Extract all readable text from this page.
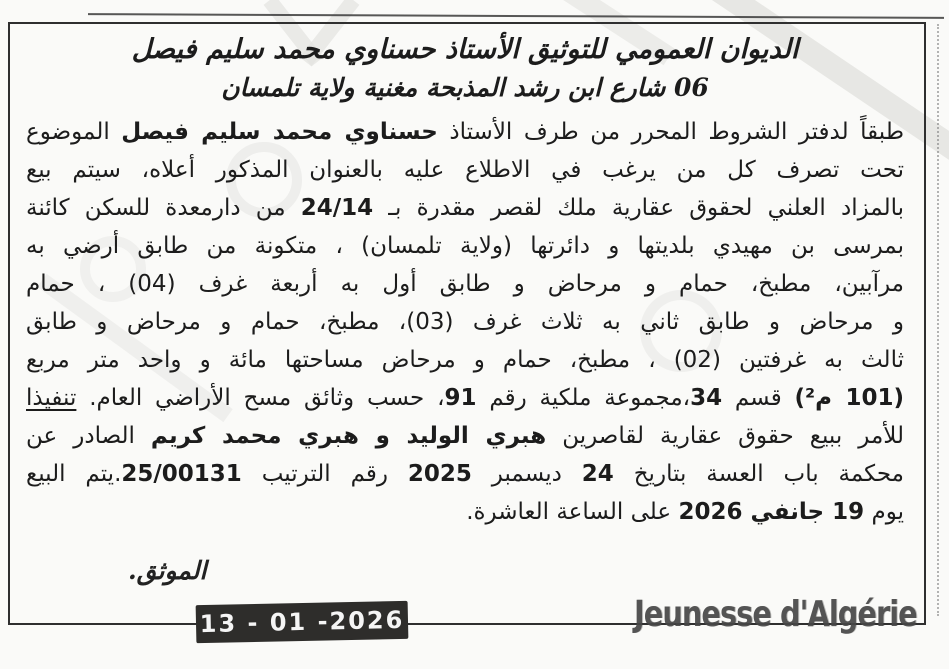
الديوان العمومي للتوثيق الأستاذ حسناوي محمد سليم فيصل
06 شارع ابن رشد المذبحة مغنية ولاية تلمسان
طبقاً لدفتر الشروط المحرر من طرف الأستاذ حسناوي محمد سليم فيصل الموضوع
تحت تصرف كل من يرغب في الاطلاع عليه بالعنوان المذكور أعلاه، سيتم بيع
بالمزاد العلني لحقوق عقارية ملك لقصر مقدرة بـ 24/14 من دارمعدة للسكن كائنة
بمرسى بن مهيدي بلديتها و دائرتها (ولاية تلمسان) ، متكونة من طابق أرضي به
مرآبين، مطبخ، حمام و مرحاض و طابق أول به أربعة غرف (04) ، حمام
و مرحاض و طابق ثاني به ثلاث غرف (03)، مطبخ، حمام و مرحاض و طابق
ثالث به غرفتين (02) ، مطبخ، حمام و مرحاض مساحتها مائة و واحد متر مربع
(101 م²) قسم 34،مجموعة ملكية رقم 91، حسب وثائق مسح الأراضي العام. تنفيذا
للأمر ببيع حقوق عقارية لقاصرين هبري الوليد و هبري محمد كريم الصادر عن
محكمة باب العسة بتاريخ 24 ديسمبر 2025 رقم الترتيب 25/00131.يتم البيع
يوم 19 جانفي 2026 على الساعة العاشرة.
الموثق.
13 - 01 -2026	Jeunesse d'Algérie
